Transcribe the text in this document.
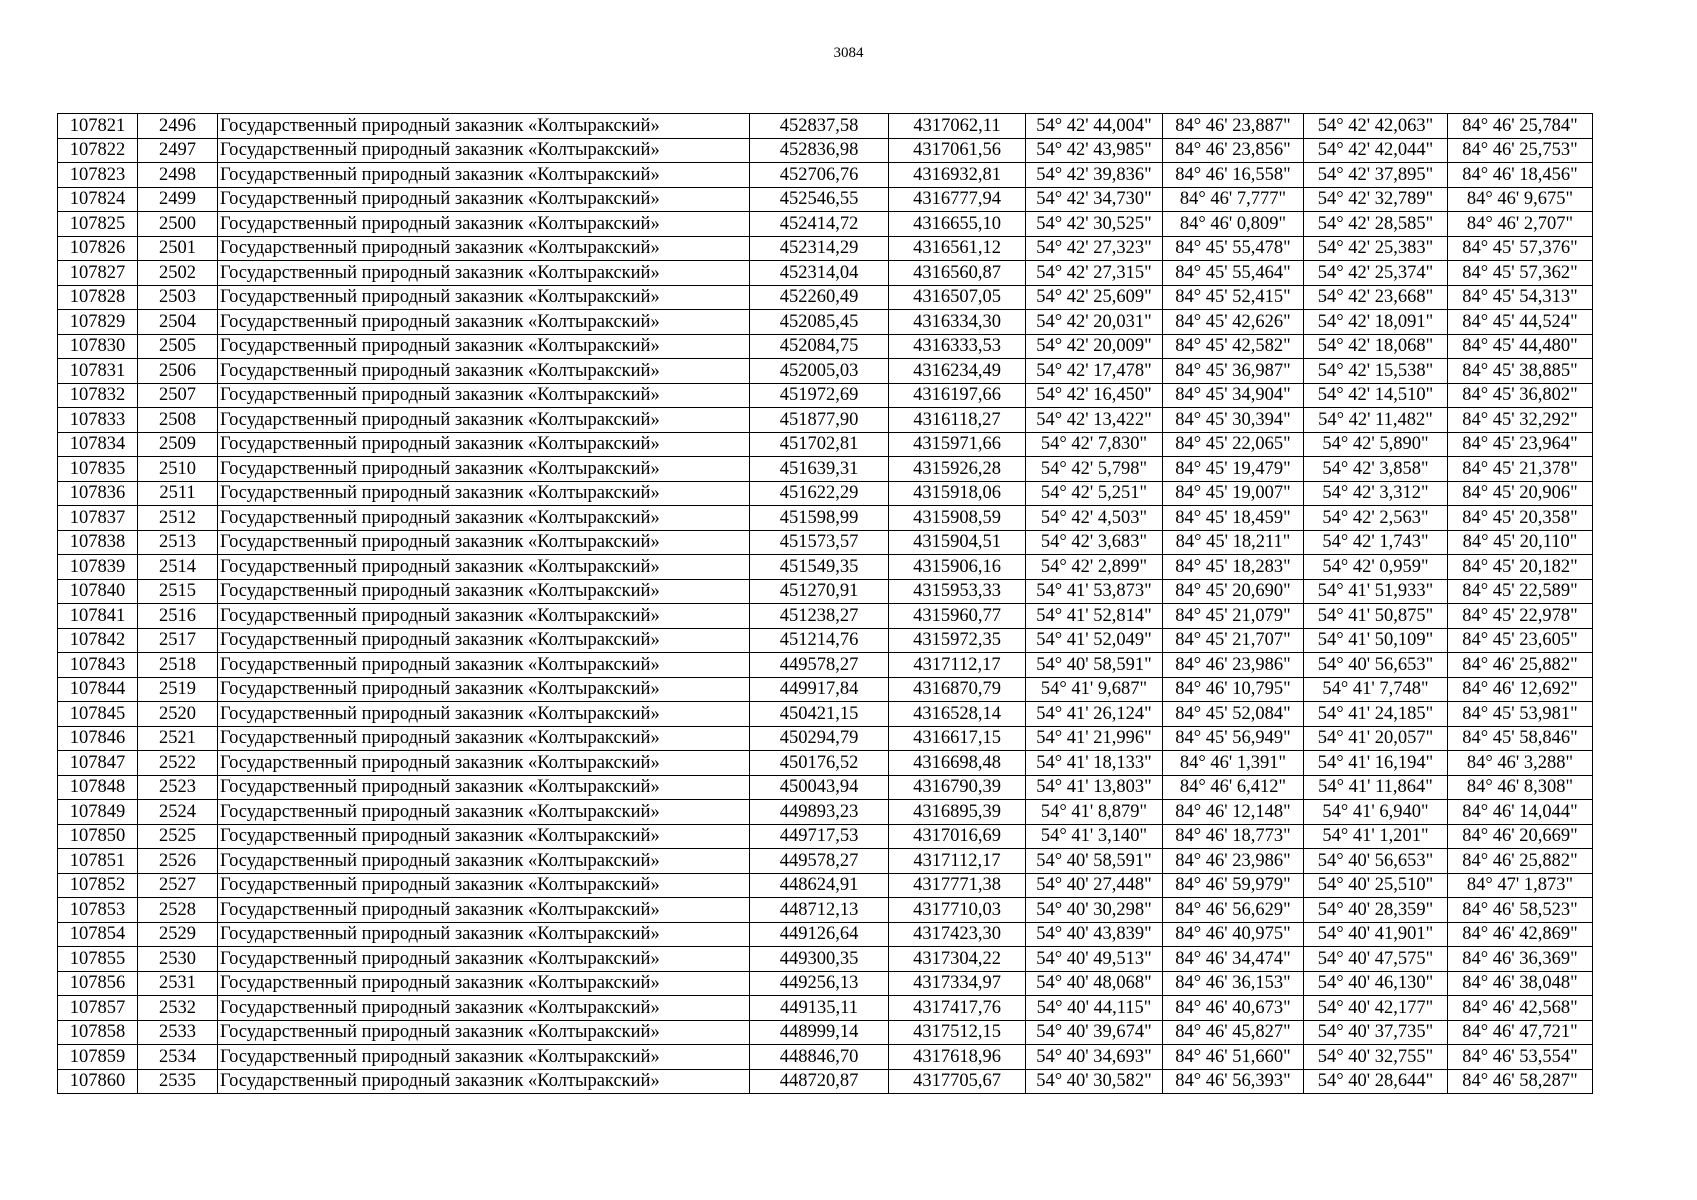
3084
107821	2496	Государственный природный заказник «Колтыракский»	452837,58	4317062,11	54° 42' 44,004"	84° 46' 23,887"	54° 42' 42,063"	84° 46' 25,784"
107822	2497	Государственный природный заказник «Колтыракский»	452836,98	4317061,56	54° 42' 43,985"	84° 46' 23,856"	54° 42' 42,044"	84° 46' 25,753"
107823	2498	Государственный природный заказник «Колтыракский»	452706,76	4316932,81	54° 42' 39,836"	84° 46' 16,558"	54° 42' 37,895"	84° 46' 18,456"
107824	2499	Государственный природный заказник «Колтыракский»	452546,55	4316777,94	54° 42' 34,730"	84° 46' 7,777"	54° 42' 32,789"	84° 46' 9,675"
107825	2500	Государственный природный заказник «Колтыракский»	452414,72	4316655,10	54° 42' 30,525"	84° 46' 0,809"	54° 42' 28,585"	84° 46' 2,707"
107826	2501	Государственный природный заказник «Колтыракский»	452314,29	4316561,12	54° 42' 27,323"	84° 45' 55,478"	54° 42' 25,383"	84° 45' 57,376"
107827	2502	Государственный природный заказник «Колтыракский»	452314,04	4316560,87	54° 42' 27,315"	84° 45' 55,464"	54° 42' 25,374"	84° 45' 57,362"
107828	2503	Государственный природный заказник «Колтыракский»	452260,49	4316507,05	54° 42' 25,609"	84° 45' 52,415"	54° 42' 23,668"	84° 45' 54,313"
107829	2504	Государственный природный заказник «Колтыракский»	452085,45	4316334,30	54° 42' 20,031"	84° 45' 42,626"	54° 42' 18,091"	84° 45' 44,524"
107830	2505	Государственный природный заказник «Колтыракский»	452084,75	4316333,53	54° 42' 20,009"	84° 45' 42,582"	54° 42' 18,068"	84° 45' 44,480"
107831	2506	Государственный природный заказник «Колтыракский»	452005,03	4316234,49	54° 42' 17,478"	84° 45' 36,987"	54° 42' 15,538"	84° 45' 38,885"
107832	2507	Государственный природный заказник «Колтыракский»	451972,69	4316197,66	54° 42' 16,450"	84° 45' 34,904"	54° 42' 14,510"	84° 45' 36,802"
107833	2508	Государственный природный заказник «Колтыракский»	451877,90	4316118,27	54° 42' 13,422"	84° 45' 30,394"	54° 42' 11,482"	84° 45' 32,292"
107834	2509	Государственный природный заказник «Колтыракский»	451702,81	4315971,66	54° 42' 7,830"	84° 45' 22,065"	54° 42' 5,890"	84° 45' 23,964"
107835	2510	Государственный природный заказник «Колтыракский»	451639,31	4315926,28	54° 42' 5,798"	84° 45' 19,479"	54° 42' 3,858"	84° 45' 21,378"
107836	2511	Государственный природный заказник «Колтыракский»	451622,29	4315918,06	54° 42' 5,251"	84° 45' 19,007"	54° 42' 3,312"	84° 45' 20,906"
107837	2512	Государственный природный заказник «Колтыракский»	451598,99	4315908,59	54° 42' 4,503"	84° 45' 18,459"	54° 42' 2,563"	84° 45' 20,358"
107838	2513	Государственный природный заказник «Колтыракский»	451573,57	4315904,51	54° 42' 3,683"	84° 45' 18,211"	54° 42' 1,743"	84° 45' 20,110"
107839	2514	Государственный природный заказник «Колтыракский»	451549,35	4315906,16	54° 42' 2,899"	84° 45' 18,283"	54° 42' 0,959"	84° 45' 20,182"
107840	2515	Государственный природный заказник «Колтыракский»	451270,91	4315953,33	54° 41' 53,873"	84° 45' 20,690"	54° 41' 51,933"	84° 45' 22,589"
107841	2516	Государственный природный заказник «Колтыракский»	451238,27	4315960,77	54° 41' 52,814"	84° 45' 21,079"	54° 41' 50,875"	84° 45' 22,978"
107842	2517	Государственный природный заказник «Колтыракский»	451214,76	4315972,35	54° 41' 52,049"	84° 45' 21,707"	54° 41' 50,109"	84° 45' 23,605"
107843	2518	Государственный природный заказник «Колтыракский»	449578,27	4317112,17	54° 40' 58,591"	84° 46' 23,986"	54° 40' 56,653"	84° 46' 25,882"
107844	2519	Государственный природный заказник «Колтыракский»	449917,84	4316870,79	54° 41' 9,687"	84° 46' 10,795"	54° 41' 7,748"	84° 46' 12,692"
107845	2520	Государственный природный заказник «Колтыракский»	450421,15	4316528,14	54° 41' 26,124"	84° 45' 52,084"	54° 41' 24,185"	84° 45' 53,981"
107846	2521	Государственный природный заказник «Колтыракский»	450294,79	4316617,15	54° 41' 21,996"	84° 45' 56,949"	54° 41' 20,057"	84° 45' 58,846"
107847	2522	Государственный природный заказник «Колтыракский»	450176,52	4316698,48	54° 41' 18,133"	84° 46' 1,391"	54° 41' 16,194"	84° 46' 3,288"
107848	2523	Государственный природный заказник «Колтыракский»	450043,94	4316790,39	54° 41' 13,803"	84° 46' 6,412"	54° 41' 11,864"	84° 46' 8,308"
107849	2524	Государственный природный заказник «Колтыракский»	449893,23	4316895,39	54° 41' 8,879"	84° 46' 12,148"	54° 41' 6,940"	84° 46' 14,044"
107850	2525	Государственный природный заказник «Колтыракский»	449717,53	4317016,69	54° 41' 3,140"	84° 46' 18,773"	54° 41' 1,201"	84° 46' 20,669"
107851	2526	Государственный природный заказник «Колтыракский»	449578,27	4317112,17	54° 40' 58,591"	84° 46' 23,986"	54° 40' 56,653"	84° 46' 25,882"
107852	2527	Государственный природный заказник «Колтыракский»	448624,91	4317771,38	54° 40' 27,448"	84° 46' 59,979"	54° 40' 25,510"	84° 47' 1,873"
107853	2528	Государственный природный заказник «Колтыракский»	448712,13	4317710,03	54° 40' 30,298"	84° 46' 56,629"	54° 40' 28,359"	84° 46' 58,523"
107854	2529	Государственный природный заказник «Колтыракский»	449126,64	4317423,30	54° 40' 43,839"	84° 46' 40,975"	54° 40' 41,901"	84° 46' 42,869"
107855	2530	Государственный природный заказник «Колтыракский»	449300,35	4317304,22	54° 40' 49,513"	84° 46' 34,474"	54° 40' 47,575"	84° 46' 36,369"
107856	2531	Государственный природный заказник «Колтыракский»	449256,13	4317334,97	54° 40' 48,068"	84° 46' 36,153"	54° 40' 46,130"	84° 46' 38,048"
107857	2532	Государственный природный заказник «Колтыракский»	449135,11	4317417,76	54° 40' 44,115"	84° 46' 40,673"	54° 40' 42,177"	84° 46' 42,568"
107858	2533	Государственный природный заказник «Колтыракский»	448999,14	4317512,15	54° 40' 39,674"	84° 46' 45,827"	54° 40' 37,735"	84° 46' 47,721"
107859	2534	Государственный природный заказник «Колтыракский»	448846,70	4317618,96	54° 40' 34,693"	84° 46' 51,660"	54° 40' 32,755"	84° 46' 53,554"
107860	2535	Государственный природный заказник «Колтыракский»	448720,87	4317705,67	54° 40' 30,582"	84° 46' 56,393"	54° 40' 28,644"	84° 46' 58,287"
